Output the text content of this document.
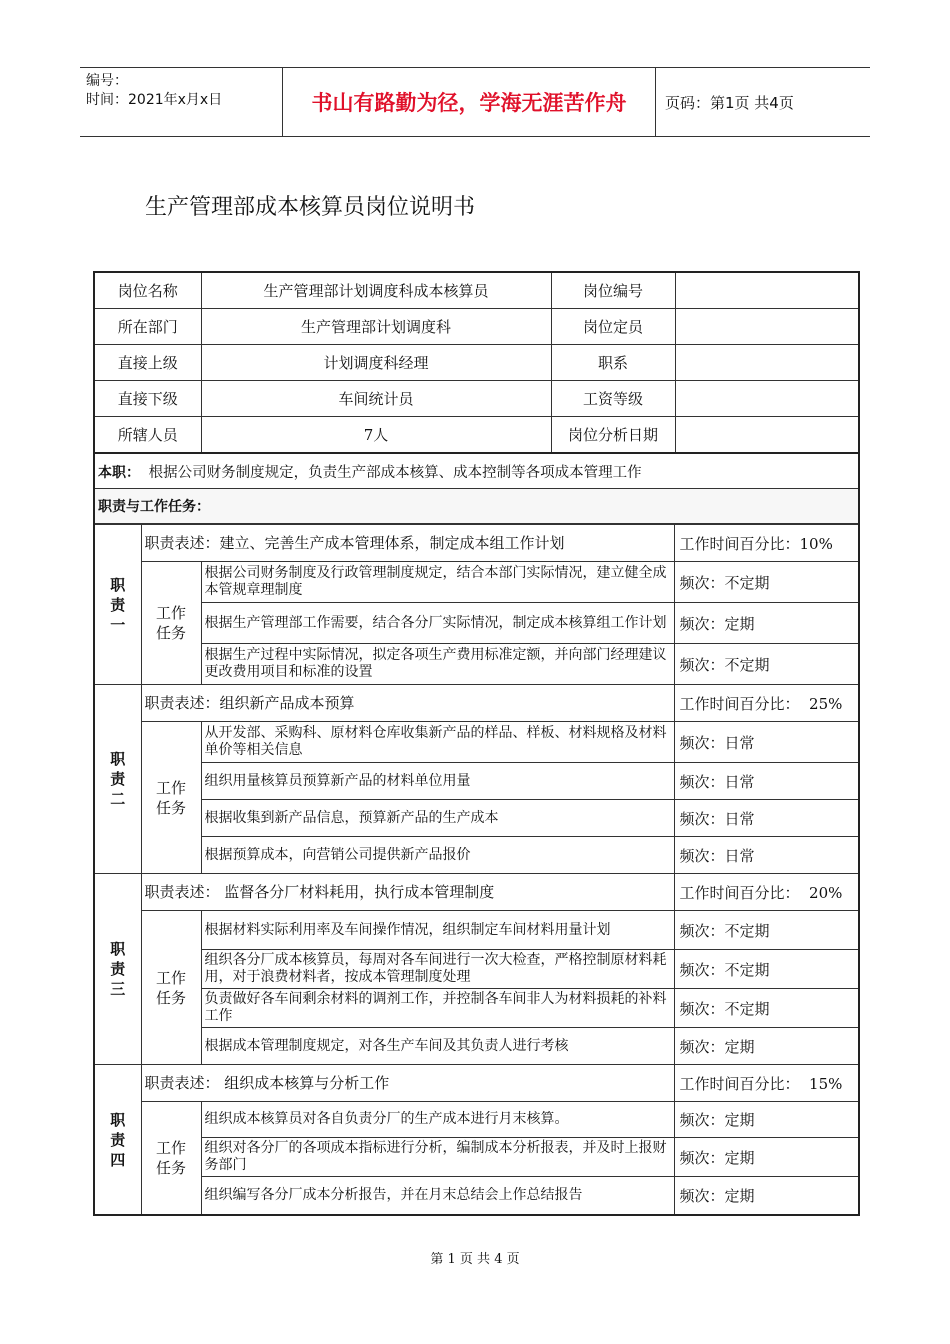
编号：
时间：2021年x月x日	书山有路勤为径，学海无涯苦作舟	页码：第1页 共4页
生产管理部成本核算员岗位说明书
岗位名称	生产管理部计划调度科成本核算员	岗位编号	
所在部门	生产管理部计划调度科	岗位定员	
直接上级	计划调度科经理	职系	
直接下级	车间统计员	工资等级	
所辖人员	7人	岗位分析日期	
本职： 根据公司财务制度规定，负责生产部成本核算、成本控制等各项成本管理工作
职责与工作任务：
职责一	职责表述：建立、完善生产成本管理体系，制定成本组工作计划		工作时间百分比：10%

	工作任务	根据公司财务制度及行政管理制度规定，结合本部门实际情况，建立健全成本管规章理制度	频次：不定期
		根据生产管理部工作需要，结合各分厂实际情况，制定成本核算组工作计划	频次：定期
		根据生产过程中实际情况，拟定各项生产费用标准定额，并向部门经理建议更改费用项目和标准的设置	频次：不定期

职责二	职责表述：组织新产品成本预算		工作时间百分比：  25%

	工作任务	从开发部、采购科、原材料仓库收集新产品的样品、样板、材料规格及材料单价等相关信息	频次：日常
		组织用量核算员预算新产品的材料单位用量	频次：日常
		根据收集到新产品信息，预算新产品的生产成本	频次：日常
		根据预算成本，向营销公司提供新产品报价	频次：日常

职责三	职责表述： 监督各分厂材料耗用，执行成本管理制度		工作时间百分比：  20%

	工作任务	根据材料实际利用率及车间操作情况，组织制定车间材料用量计划	频次：不定期
		组织各分厂成本核算员，每周对各车间进行一次大检查，严格控制原材料耗用，对于浪费材料者，按成本管理制度处理	频次：不定期
		负责做好各车间剩余材料的调剂工作，并控制各车间非人为材料损耗的补料工作	频次：不定期
		根据成本管理制度规定，对各生产车间及其负责人进行考核	频次：定期

职责四	职责表述： 组织成本核算与分析工作		工作时间百分比：  15%

	工作任务	组织成本核算员对各自负责分厂的生产成本进行月末核算。	频次：定期
		组织对各分厂的各项成本指标进行分析，编制成本分析报表，并及时上报财务部门	频次：定期
		组织编写各分厂成本分析报告，并在月末总结会上作总结报告	频次：定期
第 1 页 共 4 页
